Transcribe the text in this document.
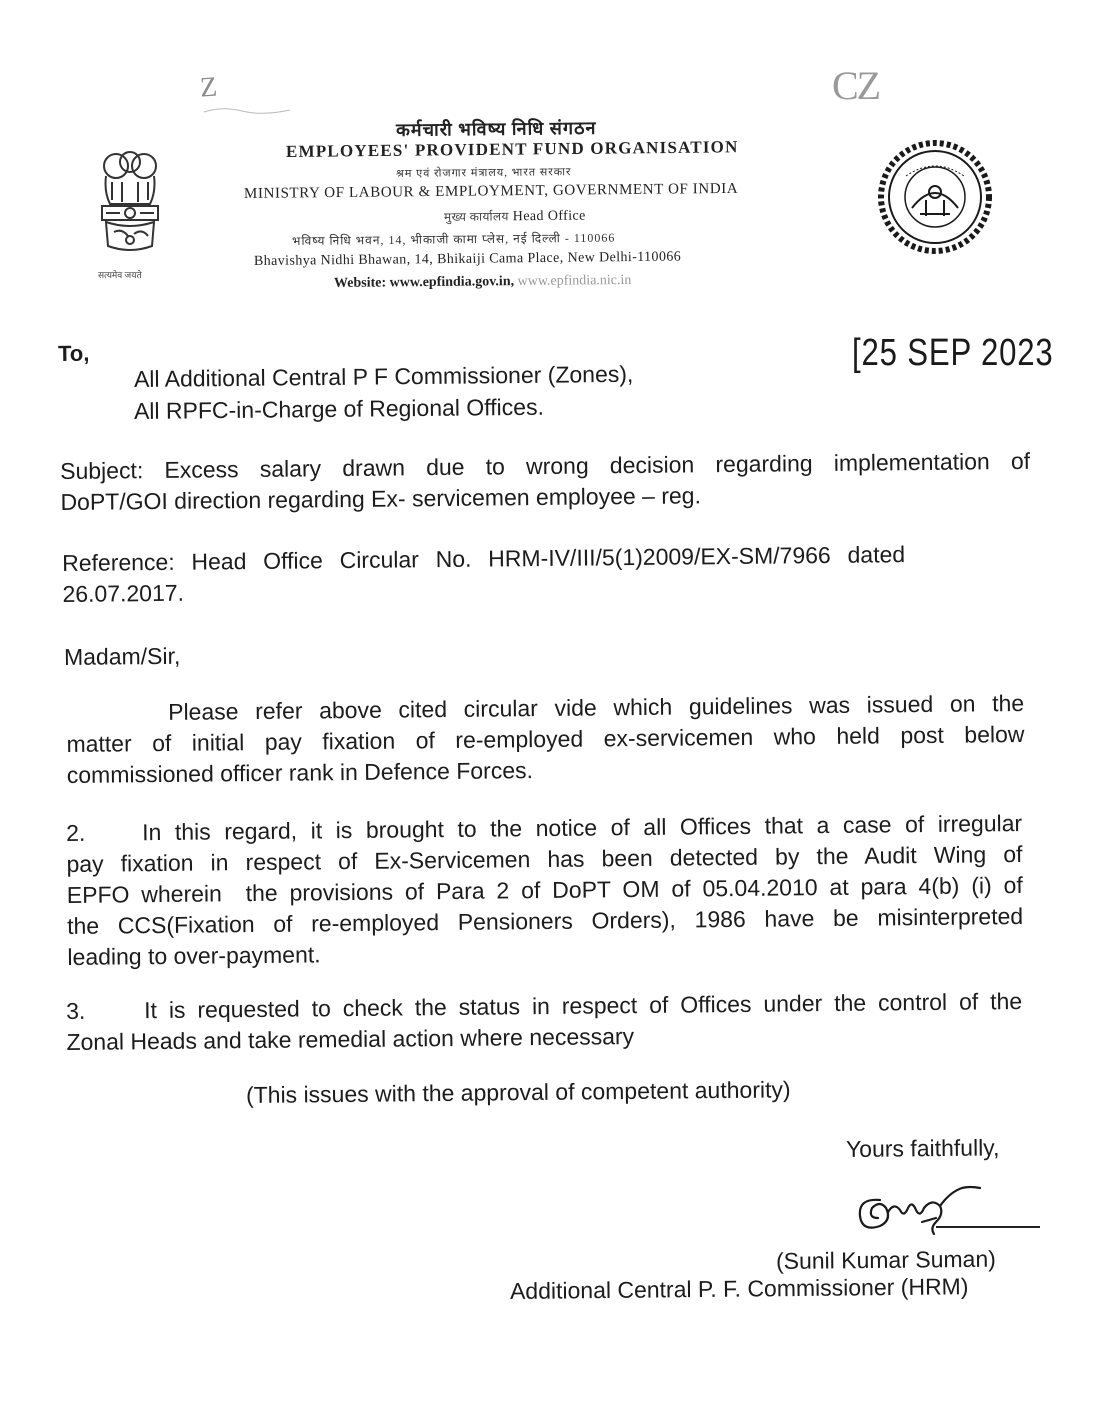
Z	CZ
सत्यमेव जयते
कर्मचारी भविष्य निधि संगठन
EMPLOYEES' PROVIDENT FUND ORGANISATION
श्रम एवं रोजगार मंत्रालय, भारत सरकार
MINISTRY OF LABOUR & EMPLOYMENT, GOVERNMENT OF INDIA
मुख्य कार्यालय Head Office
भविष्य निधि भवन, 14, भीकाजी कामा प्लेस, नई दिल्ली - 110066
Bhavishya Nidhi Bhawan, 14, Bhikaiji Cama Place, New Delhi-110066
Website: www.epfindia.gov.in, www.epfindia.nic.in
To,	[25 SEP 2023
All Additional Central P F Commissioner (Zones),
All RPFC-in-Charge of Regional Offices.
Subject: Excess salary drawn due to wrong decision regarding implementation of
DoPT/GOI direction regarding Ex- servicemen employee – reg.
Reference:  Head  Office  Circular  No.  HRM-IV/III/5(1)2009/EX-SM/7966  dated
26.07.2017.
Madam/Sir,
Please refer above cited circular vide which guidelines was issued on the
matter of initial pay fixation of re-employed ex-servicemen who held post below
commissioned officer rank in Defence Forces.
2. In this regard, it is brought to the notice of all Offices that a case of irregular
pay fixation in respect of Ex-Servicemen has been detected by the Audit Wing of
EPFO wherein  the provisions of Para 2 of DoPT OM of 05.04.2010 at para 4(b) (i) of
the CCS(Fixation of re-employed Pensioners Orders), 1986 have be misinterpreted
leading to over-payment.
3.	It is requested to check the status in respect of Offices under the control of the
Zonal Heads and take remedial action where necessary
(This issues with the approval of competent authority)
Yours faithfully,
(Sunil Kumar Suman)
Additional Central P. F. Commissioner (HRM)
